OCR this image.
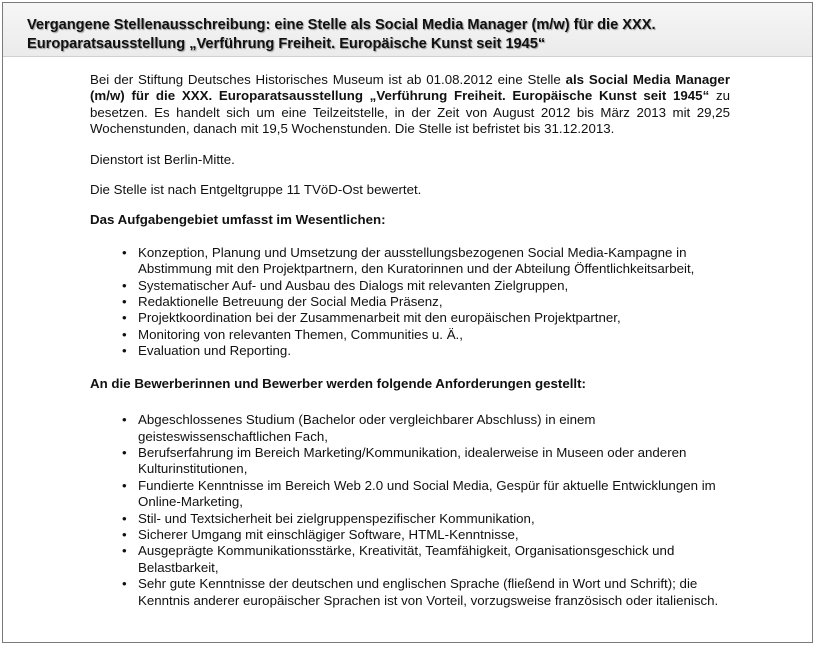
Vergangene Stellenausschreibung: eine Stelle als Social Media Manager (m/w) für die XXX. Europaratsausstellung „Verführung Freiheit. Europäische Kunst seit 1945“

Bei der Stiftung Deutsches Historisches Museum ist ab 01.08.2012 eine Stelle als Social Media Manager (m/w) für die XXX. Europaratsausstellung „Verführung Freiheit. Europäische Kunst seit 1945“ zu besetzen. Es handelt sich um eine Teilzeitstelle, in der Zeit von August 2012 bis März 2013 mit 29,25 Wochenstunden, danach mit 19,5 Wochenstunden. Die Stelle ist befristet bis 31.12.2013.

Dienstort ist Berlin-Mitte.

Die Stelle ist nach Entgeltgruppe 11 TVöD-Ost bewertet.

Das Aufgabengebiet umfasst im Wesentlichen:

• Konzeption, Planung und Umsetzung der ausstellungsbezogenen Social Media-Kampagne in Abstimmung mit den Projektpartnern, den Kuratorinnen und der Abteilung Öffentlichkeitsarbeit,
• Systematischer Auf- und Ausbau des Dialogs mit relevanten Zielgruppen,
• Redaktionelle Betreuung der Social Media Präsenz,
• Projektkoordination bei der Zusammenarbeit mit den europäischen Projektpartner,
• Monitoring von relevanten Themen, Communities u. Ä.,
• Evaluation und Reporting.

An die Bewerberinnen und Bewerber werden folgende Anforderungen gestellt:

• Abgeschlossenes Studium (Bachelor oder vergleichbarer Abschluss) in einem geisteswissenschaftlichen Fach,
• Berufserfahrung im Bereich Marketing/Kommunikation, idealerweise in Museen oder anderen Kulturinstitutionen,
• Fundierte Kenntnisse im Bereich Web 2.0 und Social Media, Gespür für aktuelle Entwicklungen im Online-Marketing,
• Stil- und Textsicherheit bei zielgruppenspezifischer Kommunikation,
• Sicherer Umgang mit einschlägiger Software, HTML-Kenntnisse,
• Ausgeprägte Kommunikationsstärke, Kreativität, Teamfähigkeit, Organisationsgeschick und Belastbarkeit,
• Sehr gute Kenntnisse der deutschen und englischen Sprache (fließend in Wort und Schrift); die Kenntnis anderer europäischer Sprachen ist von Vorteil, vorzugsweise französisch oder italienisch.
